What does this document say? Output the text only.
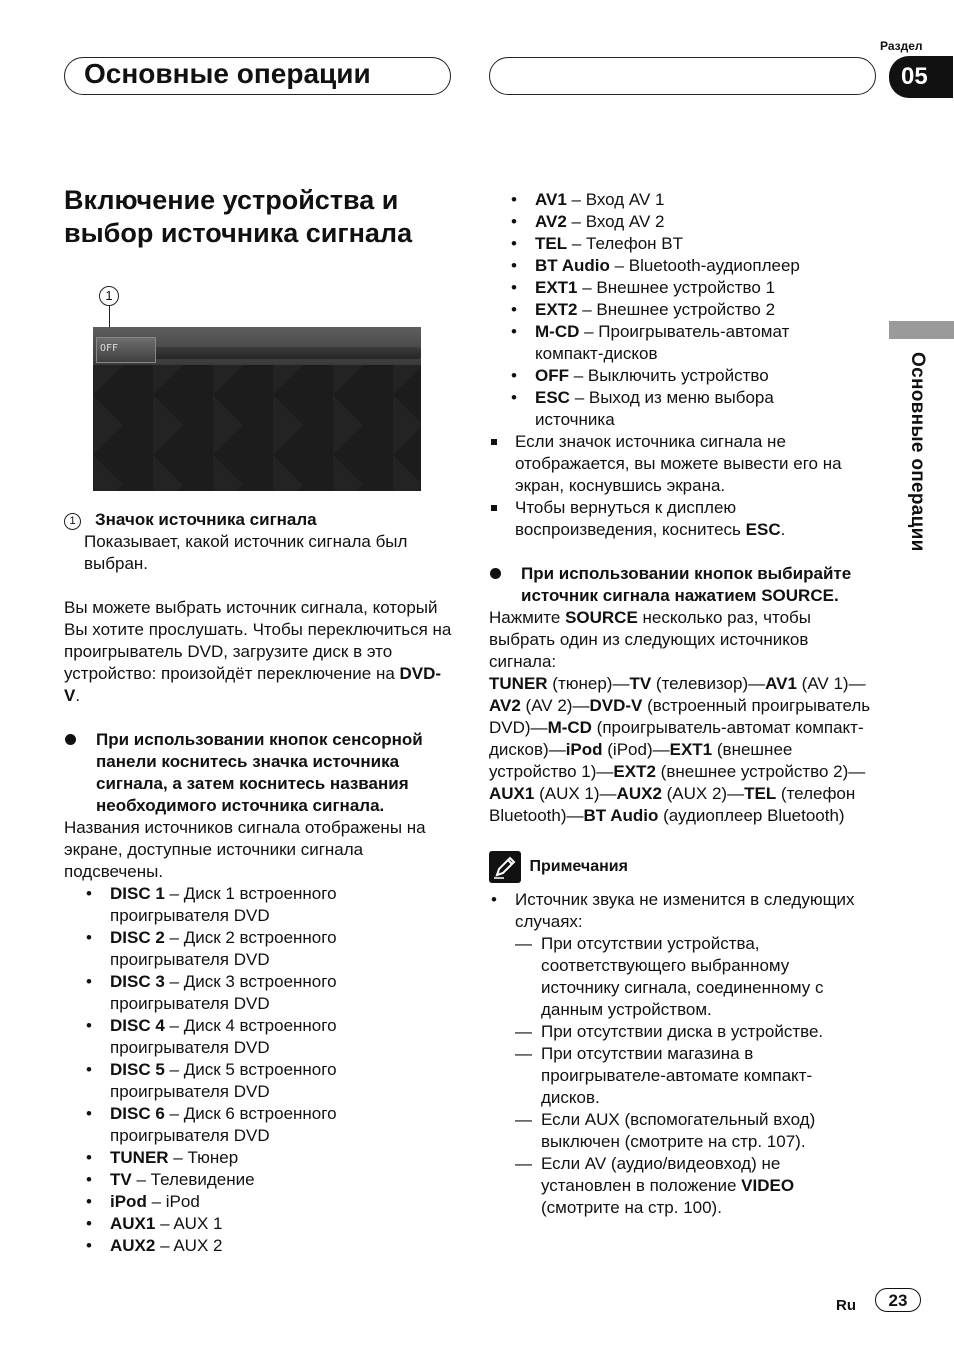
Основные операции
Раздел
05
Основные операции
Включение устройства и выбор источника сигнала
1
OFF

1 Значок источника сигнала

Показывает, какой источник сигнала был выбран.

Вы можете выбрать источник сигнала, который Вы хотите прослушать. Чтобы переключиться на проигрыватель DVD, загрузите диск в это устройство: произойдёт переключение на DVD-V.

При использовании кнопок сенсорной панели коснитесь значка источника сигнала, а затем коснитесь названия необходимого источника сигнала.

Названия источников сигнала отображены на экране, доступные источники сигнала подсвечены.

• DISC 1 – Диск 1 встроенного проигрывателя DVD
• DISC 2 – Диск 2 встроенного проигрывателя DVD
• DISC 3 – Диск 3 встроенного проигрывателя DVD
• DISC 4 – Диск 4 встроенного проигрывателя DVD
• DISC 5 – Диск 5 встроенного проигрывателя DVD
• DISC 6 – Диск 6 встроенного проигрывателя DVD
• TUNER – Тюнер
• TV – Телевидение
• iPod – iPod
• AUX1 – AUX 1
• AUX2 – AUX 2
• AV1 – Вход AV 1
• AV2 – Вход AV 2
• TEL – Телефон BT
• BT Audio – Bluetooth-аудиоплеер
• EXT1 – Внешнее устройство 1
• EXT2 – Внешнее устройство 2
• M-CD – Проигрыватель-автомат компакт-дисков
• OFF – Выключить устройство
• ESC – Выход из меню выбора источника

Если значок источника сигнала не отображается, вы можете вывести его на экран, коснувшись экрана.

Чтобы вернуться к дисплею воспроизведения, коснитесь ESC.

При использовании кнопок выбирайте источник сигнала нажатием SOURCE.

Нажмите SOURCE несколько раз, чтобы выбрать один из следующих источников сигнала:

TUNER (тюнер)—TV (телевизор)—AV1 (AV 1)—AV2 (AV 2)—DVD-V (встроенный проигрыватель DVD)—M-CD (проигрыватель-автомат компакт-дисков)—iPod (iPod)—EXT1 (внешнее устройство 1)—EXT2 (внешнее устройство 2)—AUX1 (AUX 1)—AUX2 (AUX 2)—TEL (телефон Bluetooth)—BT Audio (аудиоплеер Bluetooth)

Примечания

• Источник звука не изменится в следующих случаях:
— При отсутствии устройства, соответствующего выбранному источнику сигнала, соединенному с данным устройством.
— При отсутствии диска в устройстве.
— При отсутствии магазина в проигрывателе-автомате компакт-дисков.
— Если AUX (вспомогательный вход) выключен (смотрите на стр. 107).
— Если AV (аудио/видеовход) не установлен в положение VIDEO (смотрите на стр. 100).
Ru	23
